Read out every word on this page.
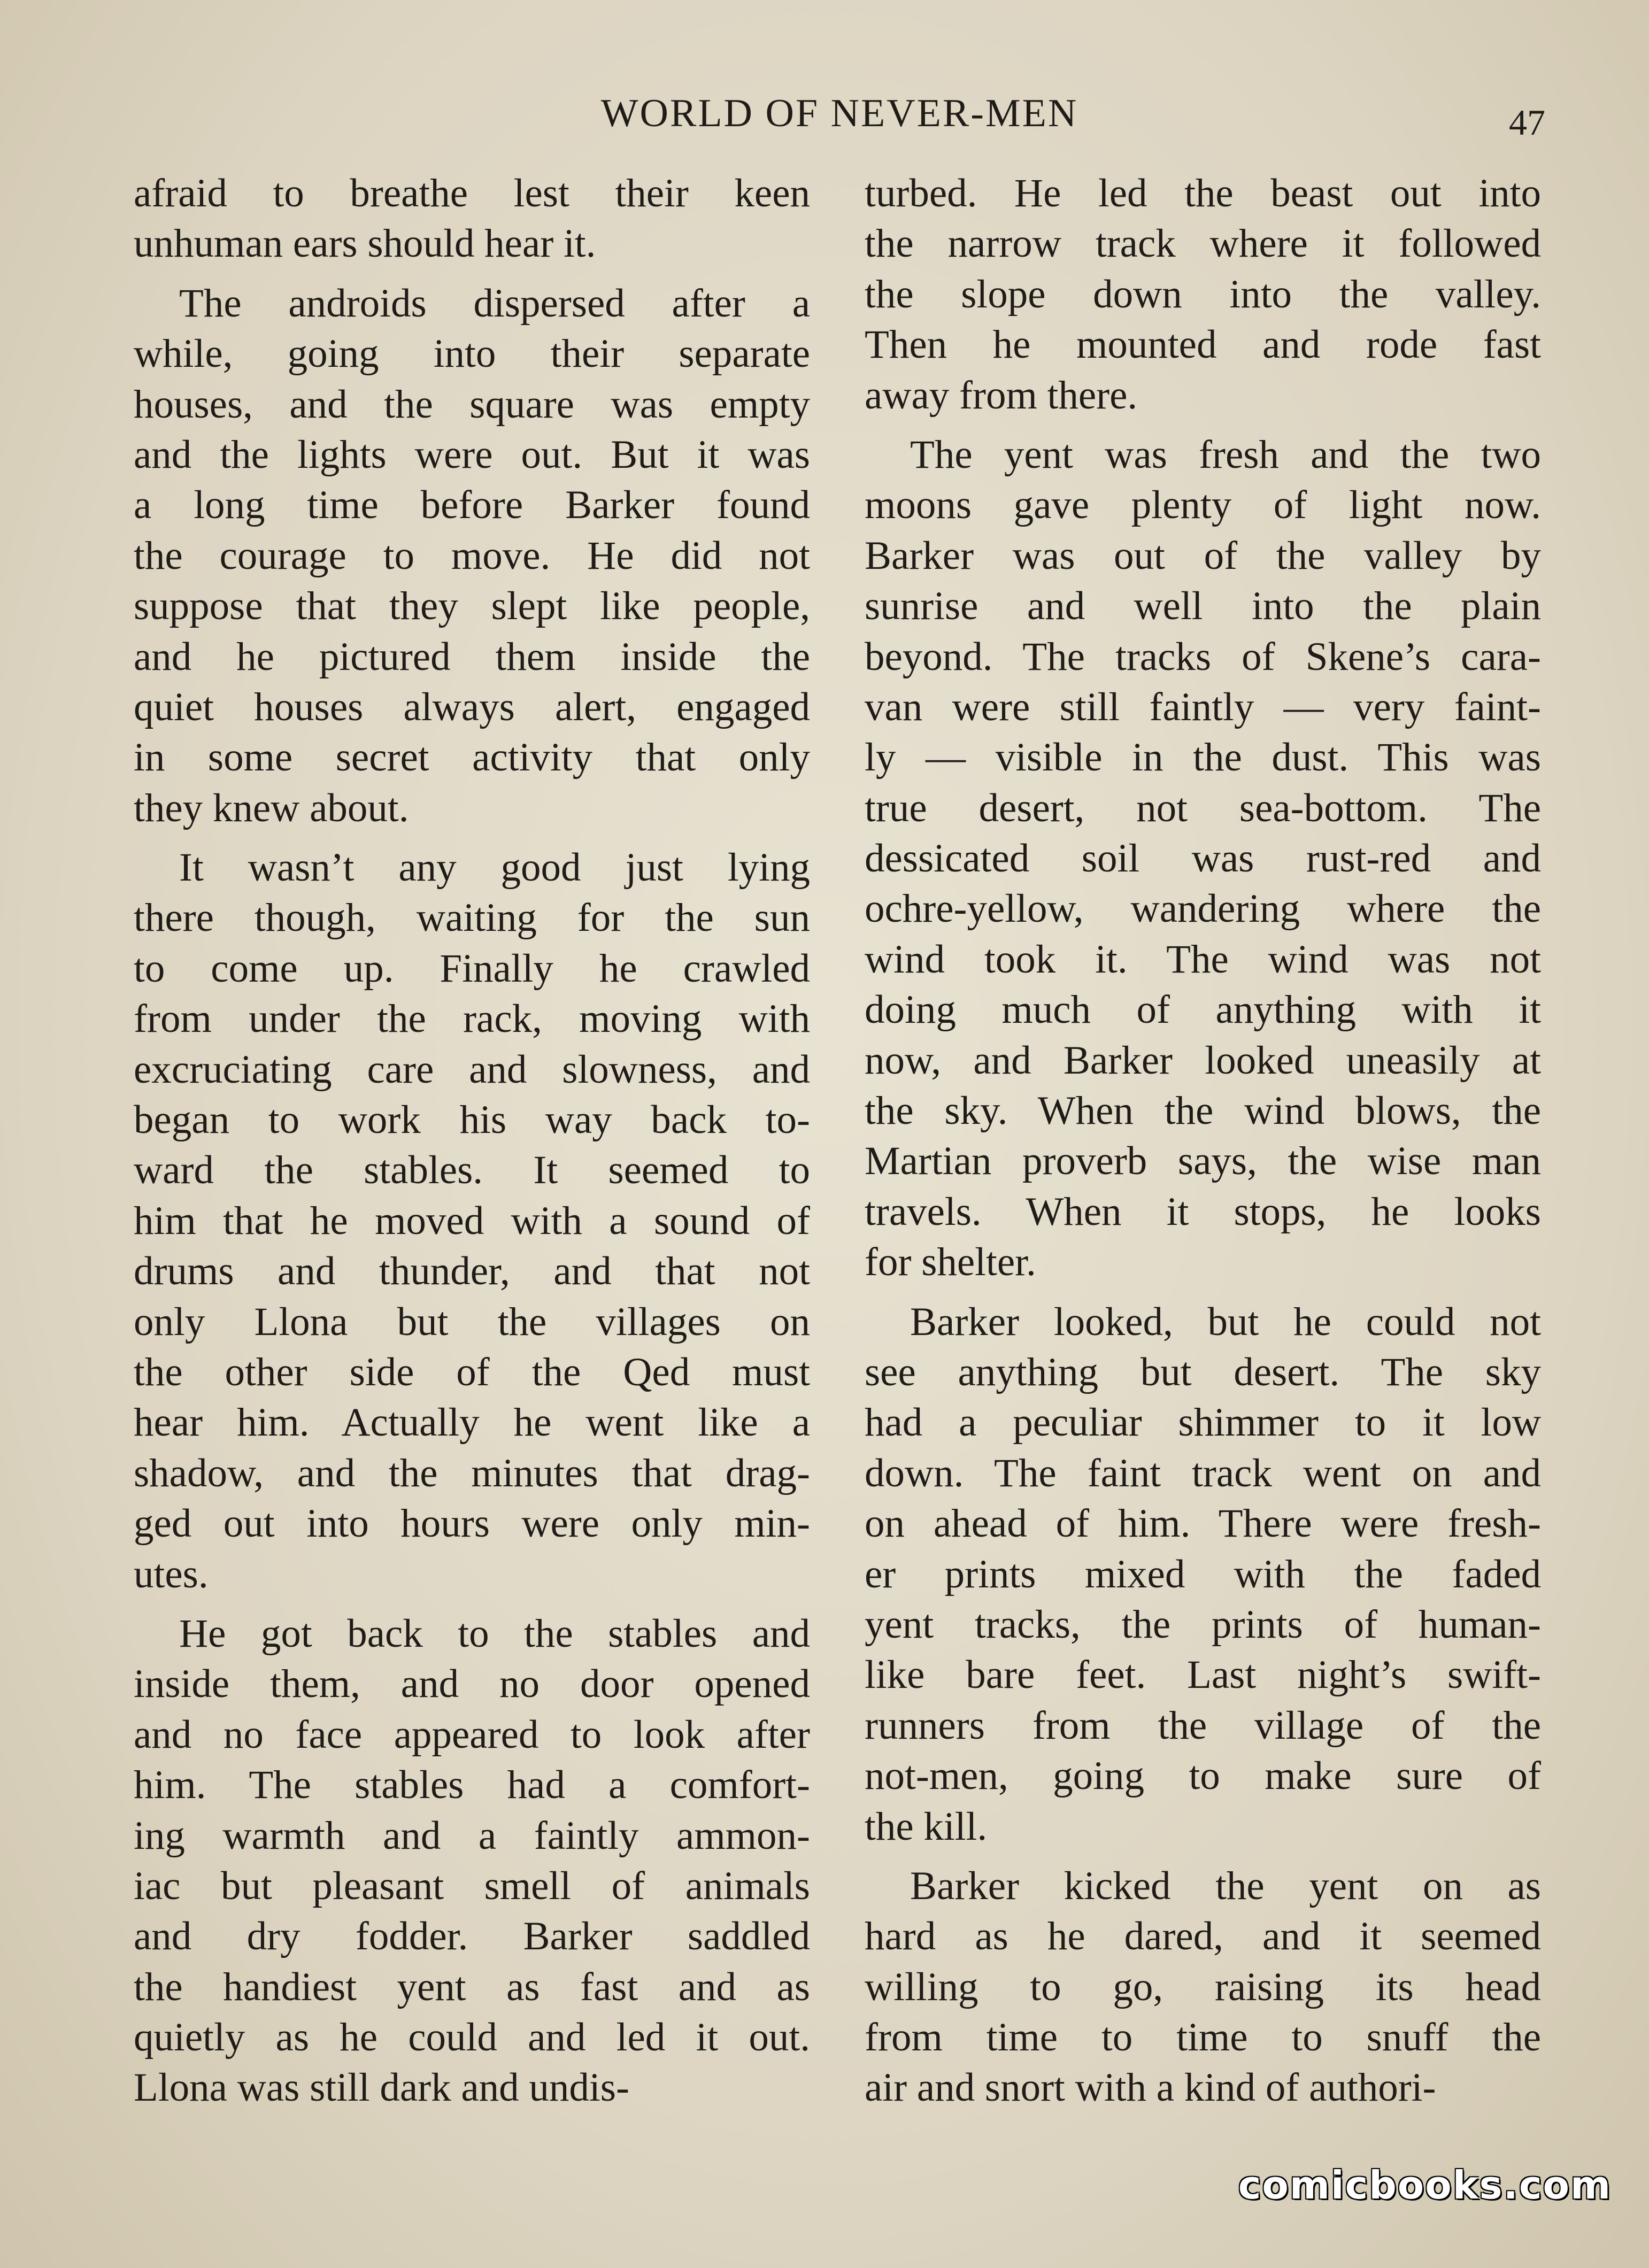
WORLD OF NEVER-MEN	47
afraid to breathe lest their keen
unhuman ears should hear it.
The androids dispersed after a
while, going into their separate
houses, and the square was empty
and the lights were out. But it was
a long time before Barker found
the courage to move. He did not
suppose that they slept like people,
and he pictured them inside the
quiet houses always alert, engaged
in some secret activity that only
they knew about.
It wasn’t any good just lying
there though, waiting for the sun
to come up. Finally he crawled
from under the rack, moving with
excruciating care and slowness, and
began to work his way back to-
ward the stables. It seemed to
him that he moved with a sound of
drums and thunder, and that not
only Llona but the villages on
the other side of the Qed must
hear him. Actually he went like a
shadow, and the minutes that drag-
ged out into hours were only min-
utes.
He got back to the stables and
inside them, and no door opened
and no face appeared to look after
him. The stables had a comfort-
ing warmth and a faintly ammon-
iac but pleasant smell of animals
and dry fodder. Barker saddled
the handiest yent as fast and as
quietly as he could and led it out.
Llona was still dark and undis-
turbed. He led the beast out into
the narrow track where it followed
the slope down into the valley.
Then he mounted and rode fast
away from there.
The yent was fresh and the two
moons gave plenty of light now.
Barker was out of the valley by
sunrise and well into the plain
beyond. The tracks of Skene’s cara-
van were still faintly — very faint-
ly — visible in the dust. This was
true desert, not sea-bottom. The
dessicated soil was rust-red and
ochre-yellow, wandering where the
wind took it. The wind was not
doing much of anything with it
now, and Barker looked uneasily at
the sky. When the wind blows, the
Martian proverb says, the wise man
travels. When it stops, he looks
for shelter.
Barker looked, but he could not
see anything but desert. The sky
had a peculiar shimmer to it low
down. The faint track went on and
on ahead of him. There were fresh-
er prints mixed with the faded
yent tracks, the prints of human-
like bare feet. Last night’s swift-
runners from the village of the
not-men, going to make sure of
the kill.
Barker kicked the yent on as
hard as he dared, and it seemed
willing to go, raising its head
from time to time to snuff the
air and snort with a kind of authori-
comicbooks.com
